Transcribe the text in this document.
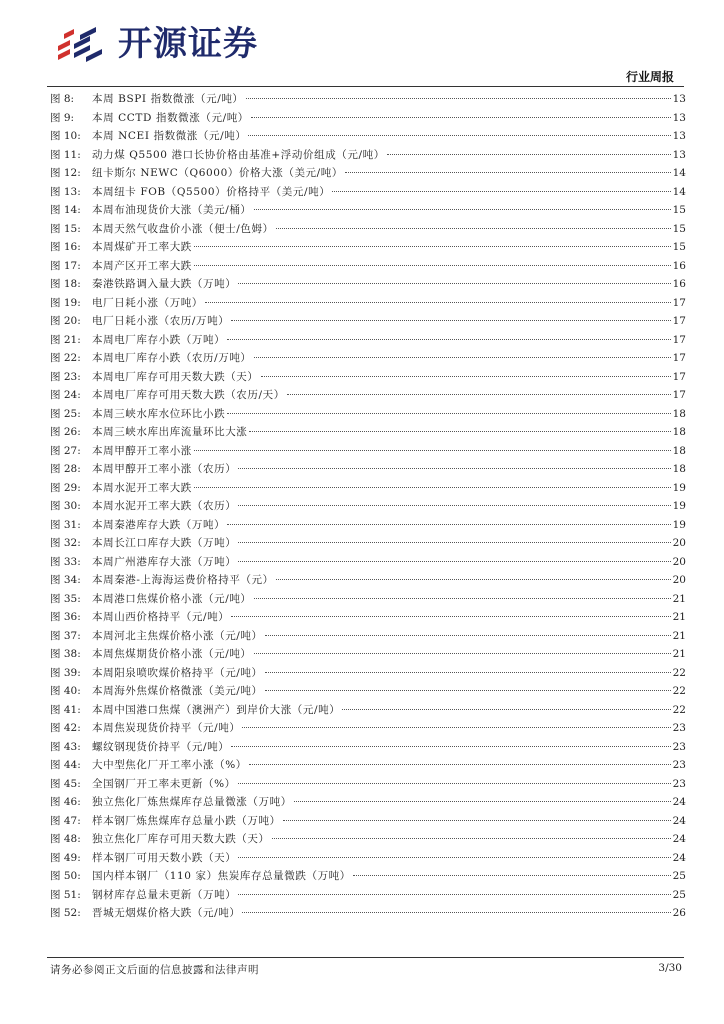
开源证券
行业周报
图 8:	本周 BSPI 指数微涨（元/吨）	13
图 9:	本周 CCTD 指数微涨（元/吨）	13
图 10:	本周 NCEI 指数微涨（元/吨）	13
图 11:	动力煤 Q5500 港口长协价格由基准+浮动价组成（元/吨）	13
图 12:	纽卡斯尔 NEWC（Q6000）价格大涨（美元/吨）	14
图 13:	本周纽卡 FOB（Q5500）价格持平（美元/吨）	14
图 14:	本周布油现货价大涨（美元/桶）	15
图 15:	本周天然气收盘价小涨（便士/色姆）	15
图 16:	本周煤矿开工率大跌	15
图 17:	本周产区开工率大跌	16
图 18:	秦港铁路调入量大跌（万吨）	16
图 19:	电厂日耗小涨（万吨）	17
图 20:	电厂日耗小涨（农历/万吨）	17
图 21:	本周电厂库存小跌（万吨）	17
图 22:	本周电厂库存小跌（农历/万吨）	17
图 23:	本周电厂库存可用天数大跌（天）	17
图 24:	本周电厂库存可用天数大跌（农历/天）	17
图 25:	本周三峡水库水位环比小跌	18
图 26:	本周三峡水库出库流量环比大涨	18
图 27:	本周甲醇开工率小涨	18
图 28:	本周甲醇开工率小涨（农历）	18
图 29:	本周水泥开工率大跌	19
图 30:	本周水泥开工率大跌（农历）	19
图 31:	本周秦港库存大跌（万吨）	19
图 32:	本周长江口库存大跌（万吨）	20
图 33:	本周广州港库存大涨（万吨）	20
图 34:	本周秦港-上海海运费价格持平（元）	20
图 35:	本周港口焦煤价格小涨（元/吨）	21
图 36:	本周山西价格持平（元/吨）	21
图 37:	本周河北主焦煤价格小涨（元/吨）	21
图 38:	本周焦煤期货价格小涨（元/吨）	21
图 39:	本周阳泉喷吹煤价格持平（元/吨）	22
图 40:	本周海外焦煤价格微涨（美元/吨）	22
图 41:	本周中国港口焦煤（澳洲产）到岸价大涨（元/吨）	22
图 42:	本周焦炭现货价持平（元/吨）	23
图 43:	螺纹钢现货价持平（元/吨）	23
图 44:	大中型焦化厂开工率小涨（%）	23
图 45:	全国钢厂开工率未更新（%）	23
图 46:	独立焦化厂炼焦煤库存总量微涨（万吨）	24
图 47:	样本钢厂炼焦煤库存总量小跌（万吨）	24
图 48:	独立焦化厂库存可用天数大跌（天）	24
图 49:	样本钢厂可用天数小跌（天）	24
图 50:	国内样本钢厂（110 家）焦炭库存总量微跌（万吨）	25
图 51:	钢材库存总量未更新（万吨）	25
图 52:	晋城无烟煤价格大跌（元/吨）	26
请务必参阅正文后面的信息披露和法律声明	3/30
